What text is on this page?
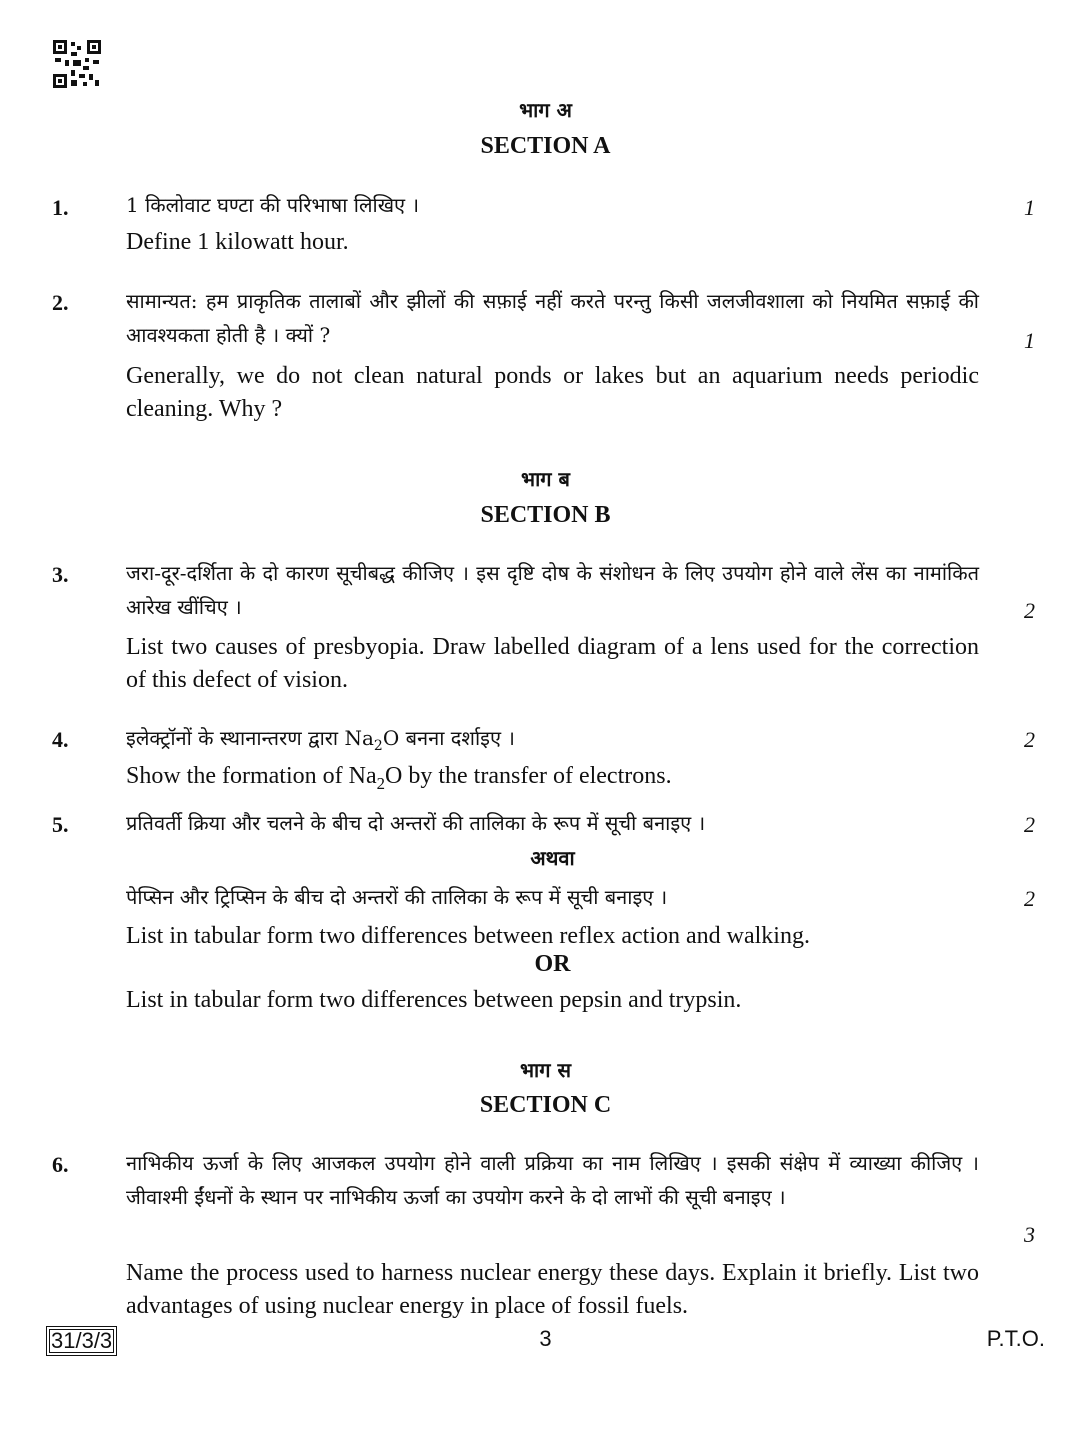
भाग अ
SECTION A
1.	1 किलोवाट घण्टा की परिभाषा लिखिए ।	1
Define 1 kilowatt hour.
2.	सामान्यत: हम प्राकृतिक तालाबों और झीलों की सफ़ाई नहीं करते परन्तु किसी जलजीवशाला को नियमित सफ़ाई की आवश्यकता होती है । क्यों ?	1
Generally, we do not clean natural ponds or lakes but an aquarium needs periodic cleaning. Why ?
भाग ब
SECTION B
3.	जरा-दूर-दर्शिता के दो कारण सूचीबद्ध कीजिए । इस दृष्टि दोष के संशोधन के लिए उपयोग होने वाले लेंस का नामांकित आरेख खींचिए ।	2
List two causes of presbyopia. Draw labelled diagram of a lens used for the correction of this defect of vision.
4.	इलेक्ट्रॉनों के स्थानान्तरण द्वारा $Na_2O$ बनना दर्शाइए ।	2
Show the formation of $Na_2O$ by the transfer of electrons.
5.	प्रतिवर्ती क्रिया और चलने के बीच दो अन्तरों की तालिका के रूप में सूची बनाइए ।	2
अथवा
पेप्सिन और ट्रिप्सिन के बीच दो अन्तरों की तालिका के रूप में सूची बनाइए ।	2
List in tabular form two differences between reflex action and walking.
OR
List in tabular form two differences between pepsin and trypsin.
भाग स
SECTION C
6.	नाभिकीय ऊर्जा के लिए आजकल उपयोग होने वाली प्रक्रिया का नाम लिखिए । इसकी संक्षेप में व्याख्या कीजिए । जीवाश्मी ईंधनों के स्थान पर नाभिकीय ऊर्जा का उपयोग करने के दो लाभों की सूची बनाइए ।
3
Name the process used to harness nuclear energy these days. Explain it briefly. List two advantages of using nuclear energy in place of fossil fuels.
31/3/3	3	P.T.O.
